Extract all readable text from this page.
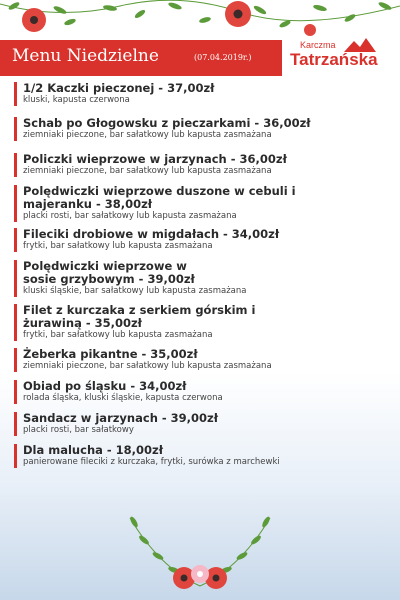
Menu Niedzielne	(07.04.2019r.)
Karczma
Tatrzańska
1/2 Kaczki pieczonej - 37,00zł
kluski, kapusta czerwona
Schab po Głogowsku z pieczarkami - 36,00zł
ziemniaki pieczone, bar sałatkowy lub kapusta zasmażana
Policzki wieprzowe w jarzynach - 36,00zł
ziemniaki pieczone, bar sałatkowy lub kapusta zasmażana
Polędwiczki wieprzowe duszone w cebuli i majeranku - 38,00zł
placki rosti, bar sałatkowy lub kapusta zasmażana
Fileciki drobiowe w migdałach - 34,00zł
frytki, bar sałatkowy lub kapusta zasmażana
Polędwiczki wieprzowe w sosie grzybowym - 39,00zł
kluski śląskie, bar sałatkowy lub kapusta zasmażana
Filet z kurczaka z serkiem górskim i żurawiną - 35,00zł
frytki, bar sałatkowy lub kapusta zasmażana
Żeberka pikantne - 35,00zł
ziemniaki pieczone, bar sałatkowy lub kapusta zasmażana
Obiad po śląsku - 34,00zł
rolada śląska, kluski śląskie, kapusta czerwona
Sandacz w jarzynach - 39,00zł
placki rosti, bar sałatkowy
Dla malucha - 18,00zł
panierowane fileciki z kurczaka, frytki, surówka z marchewki
